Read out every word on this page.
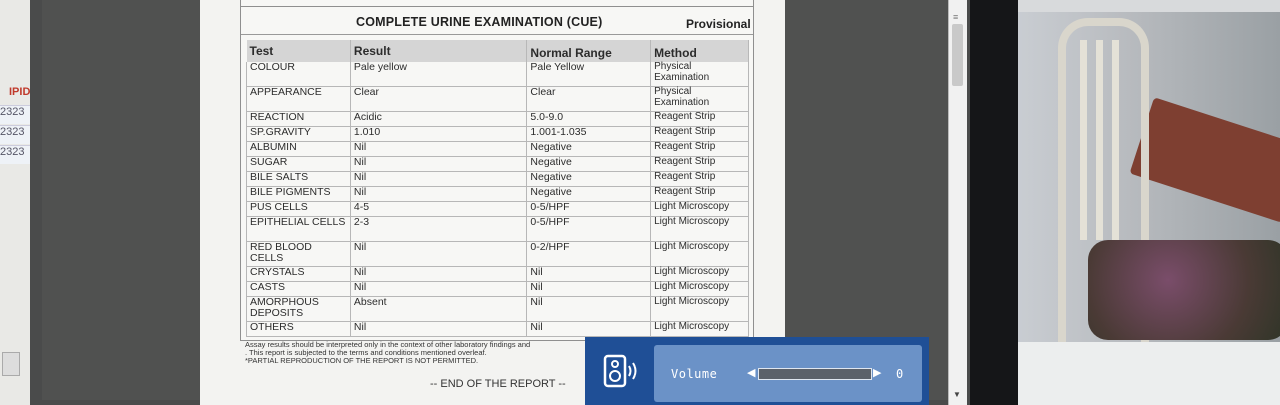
IPID
2323
2323
2323
COMPLETE URINE EXAMINATION (CUE)	Provisional
Test	Result	Normal Range	Method
COLOUR	Pale yellow	Pale Yellow	Physical Examination
APPEARANCE	Clear	Clear	Physical Examination
REACTION	Acidic	5.0-9.0	Reagent Strip
SP.GRAVITY	1.010	1.001-1.035	Reagent Strip
ALBUMIN	Nil	Negative	Reagent Strip
SUGAR	Nil	Negative	Reagent Strip
BILE SALTS	Nil	Negative	Reagent Strip
BILE PIGMENTS	Nil	Negative	Reagent Strip
PUS CELLS	4-5	0-5/HPF	Light Microscopy
EPITHELIAL CELLS	2-3	0-5/HPF	Light Microscopy
RED BLOOD CELLS	Nil	0-2/HPF	Light Microscopy
CRYSTALS	Nil	Nil	Light Microscopy
CASTS	Nil	Nil	Light Microscopy
AMORPHOUS DEPOSITS	Absent	Nil	Light Microscopy
OTHERS	Nil	Nil	Light Microscopy
Assay results should be interpreted only in the context of other laboratory findings and
. This report is subjected to the terms and conditions mentioned overleaf.
*PARTIAL REPRODUCTION OF THE REPORT IS NOT PERMITTED.
-- END OF THE REPORT --
≡
▼
Volume	◀	▶ 0
